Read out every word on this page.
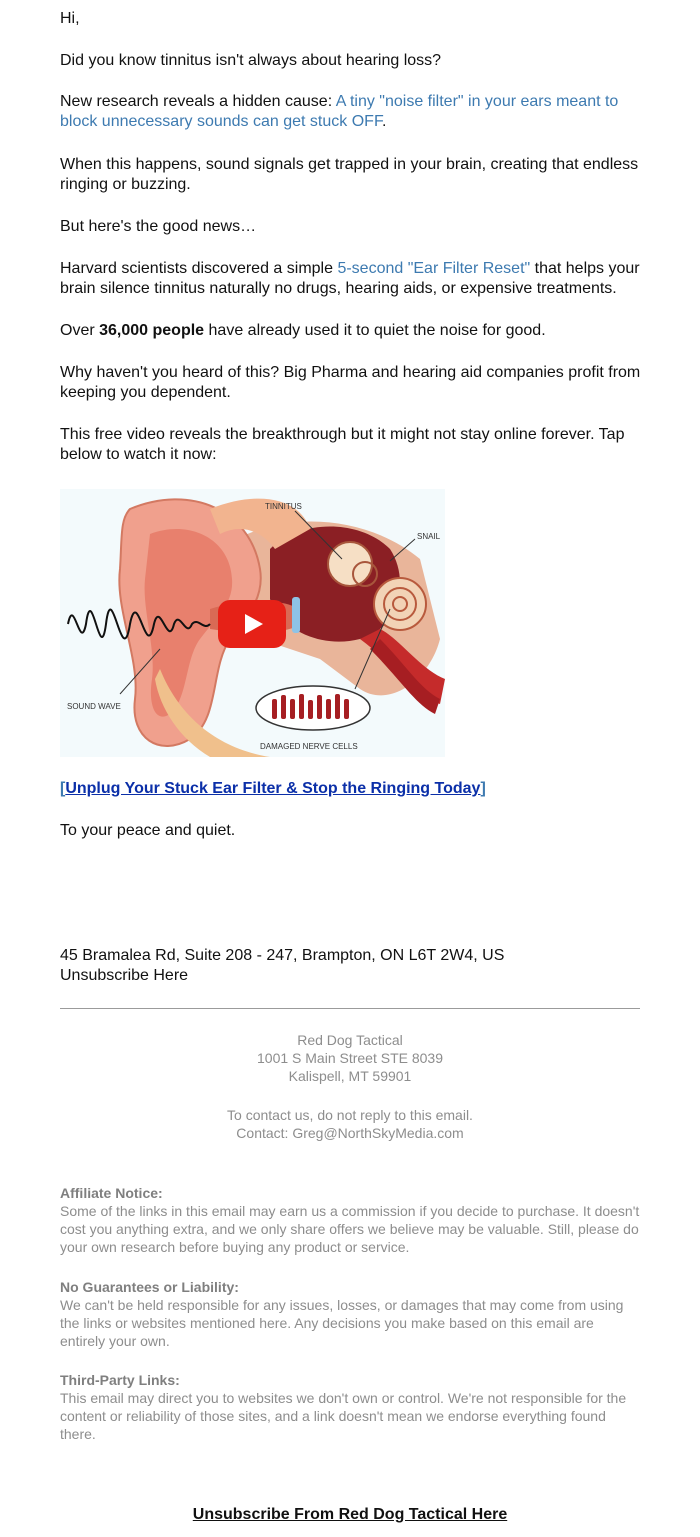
Hi,

Did you know tinnitus isn't always about hearing loss?

New research reveals a hidden cause: A tiny "noise filter" in your ears meant to block unnecessary sounds can get stuck OFF.

When this happens, sound signals get trapped in your brain, creating that endless ringing or buzzing.

But here's the good news…

Harvard scientists discovered a simple 5-second "Ear Filter Reset" that helps your brain silence tinnitus naturally no drugs, hearing aids, or expensive treatments.

Over 36,000 people have already used it to quiet the noise for good.

Why haven't you heard of this? Big Pharma and hearing aid companies profit from keeping you dependent.

This free video reveals the breakthrough but it might not stay online forever. Tap below to watch it now:

TINNITUS
SNAIL
SOUND WAVE
DAMAGED NERVE CELLS
[Unplug Your Stuck Ear Filter & Stop the Ringing Today]

To your peace and quiet.

45 Bramalea Rd, Suite 208 - 247, Brampton, ON L6T 2W4, US

Unsubscribe Here

Red Dog Tactical
1001 S Main Street STE 8039
Kalispell, MT 59901
To contact us, do not reply to this email.
Contact: Greg@NorthSkyMedia.com
Affiliate Notice:
Some of the links in this email may earn us a commission if you decide to purchase. It doesn't cost you anything extra, and we only share offers we believe may be valuable. Still, please do your own research before buying any product or service.
No Guarantees or Liability:
We can't be held responsible for any issues, losses, or damages that may come from using the links or websites mentioned here. Any decisions you make based on this email are entirely your own.
Third-Party Links:
This email may direct you to websites we don't own or control. We're not responsible for the content or reliability of those sites, and a link doesn't mean we endorse everything found there.
Unsubscribe From Red Dog Tactical Here
